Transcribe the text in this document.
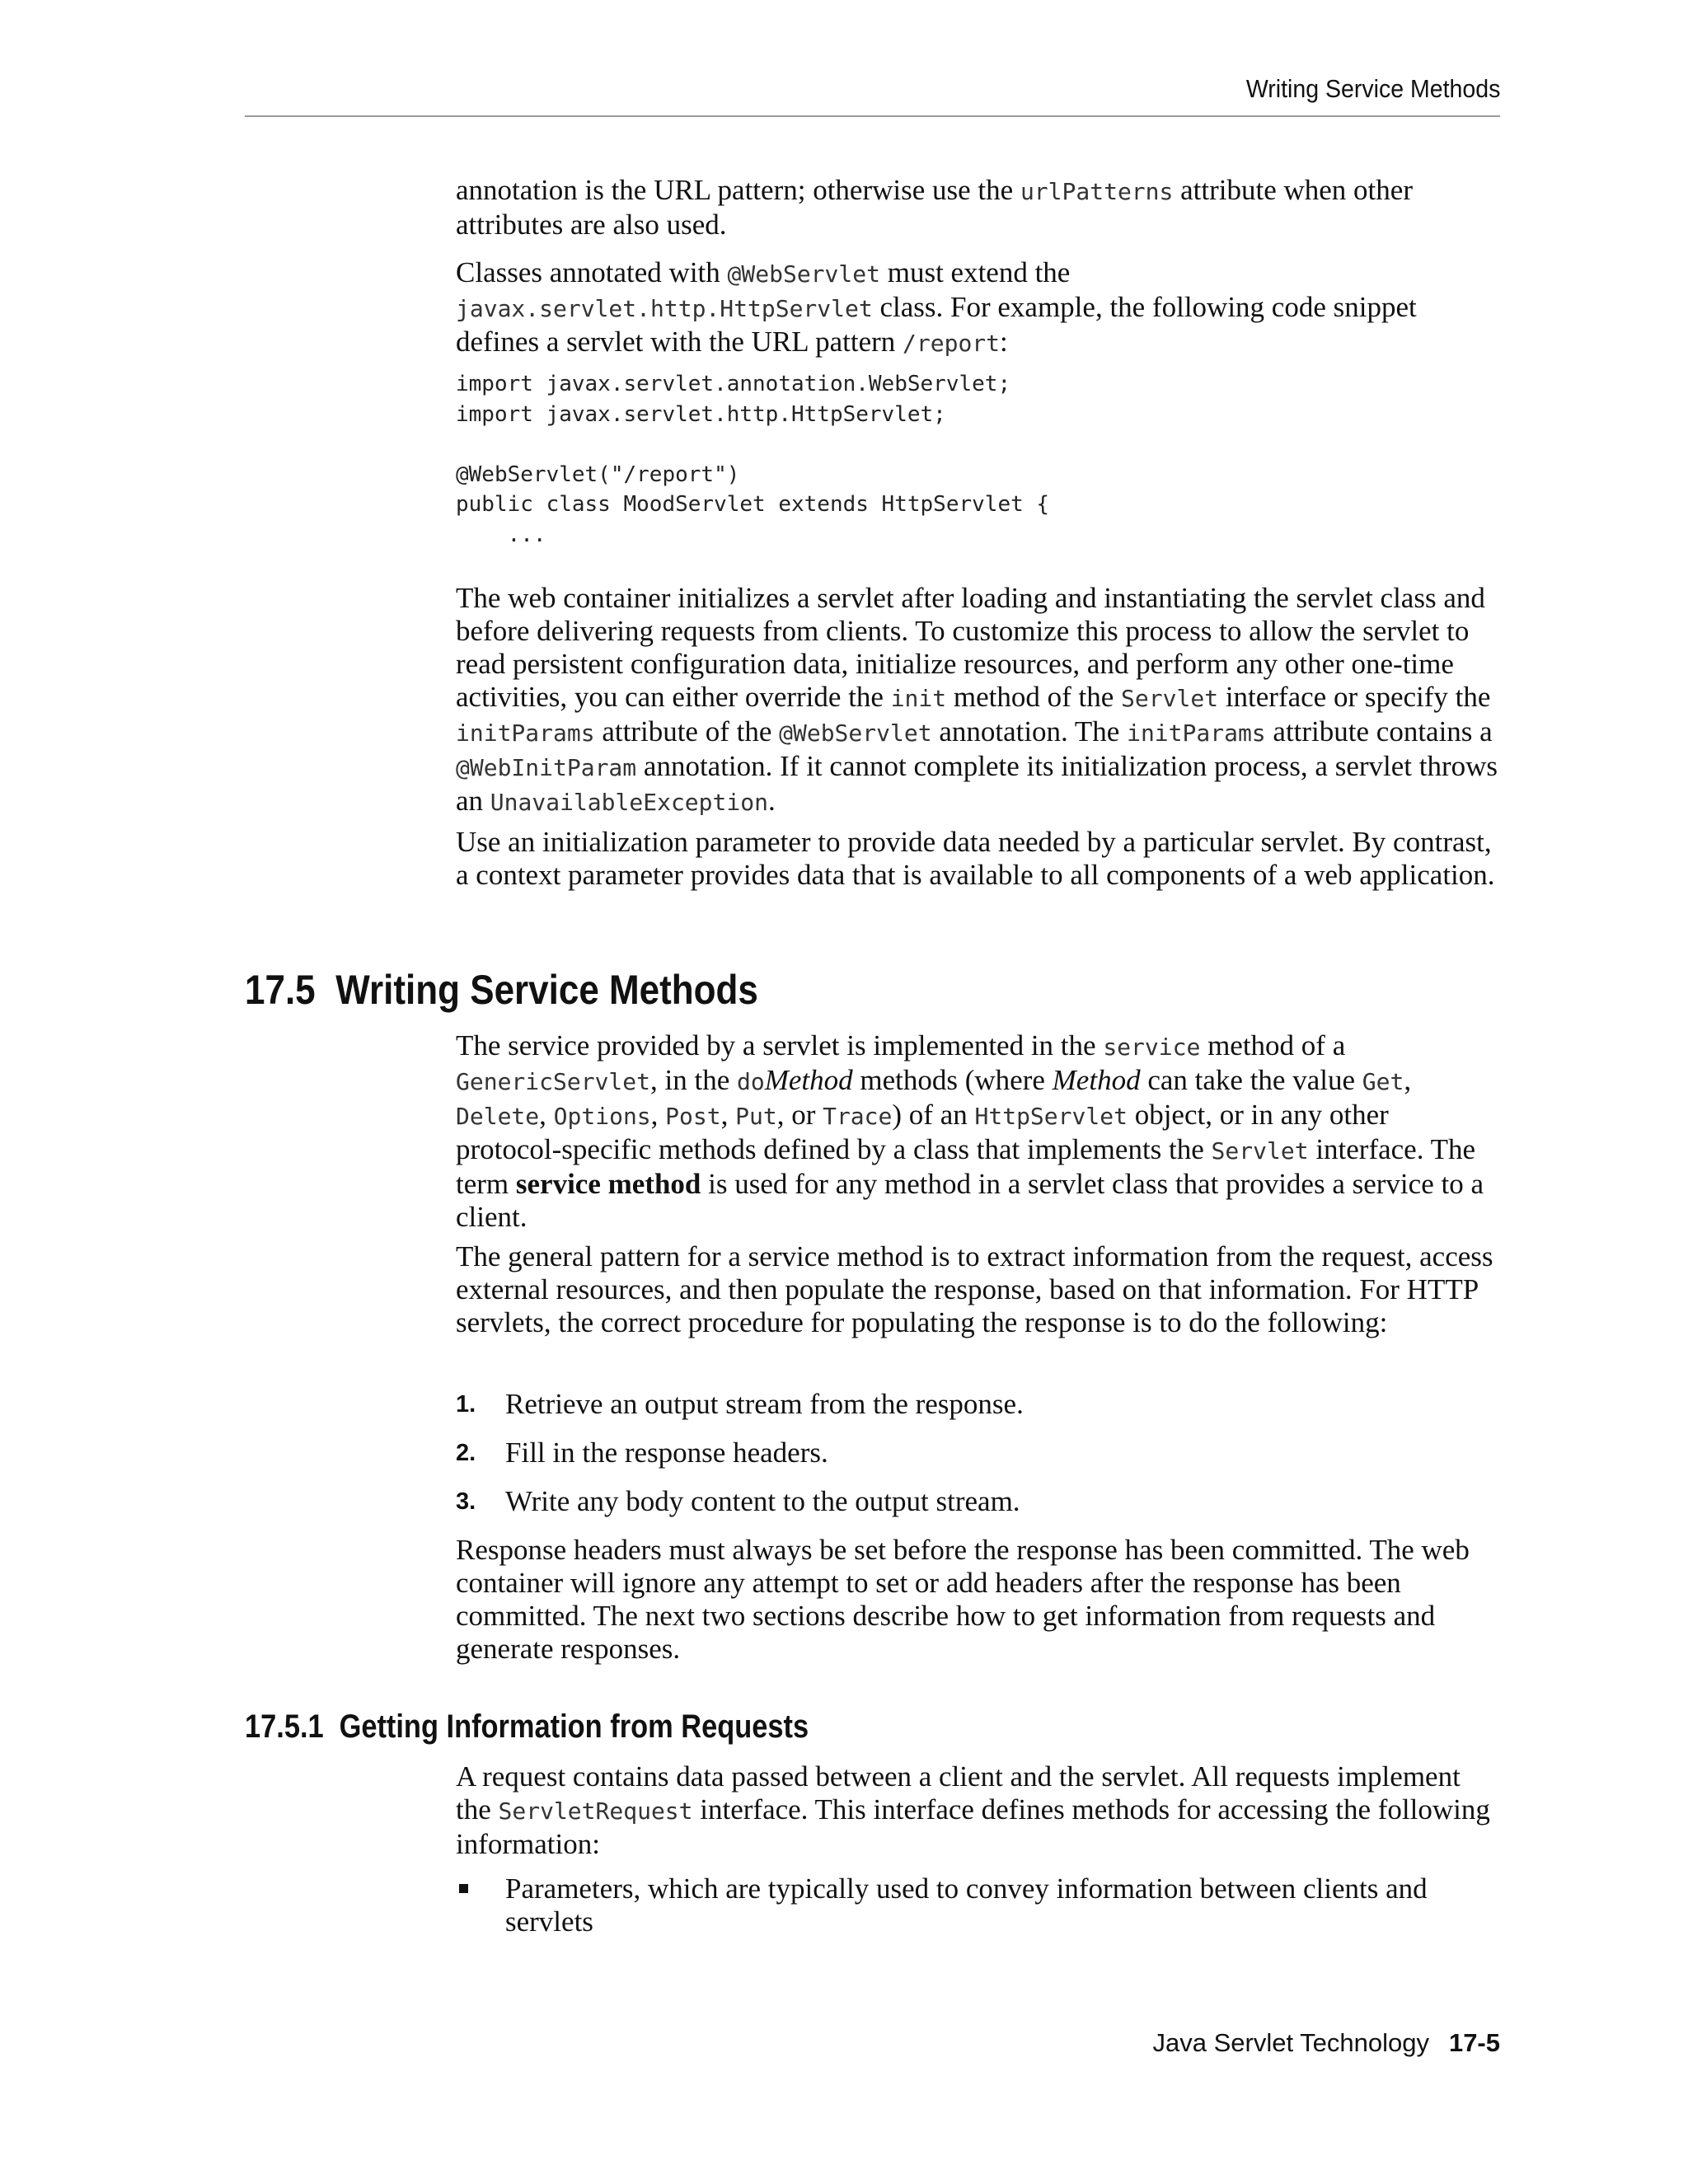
Writing Service Methods

annotation is the URL pattern; otherwise use the urlPatterns attribute when other attributes are also used.

Classes annotated with @WebServlet must extend the
javax.servlet.http.HttpServlet class. For example, the following code snippet defines a servlet with the URL pattern /report:

import javax.servlet.annotation.WebServlet;
import javax.servlet.http.HttpServlet;

@WebServlet("/report")
public class MoodServlet extends HttpServlet {
...

The web container initializes a servlet after loading and instantiating the servlet class and before delivering requests from clients. To customize this process to allow the servlet to read persistent configuration data, initialize resources, and perform any other one-time activities, you can either override the init method of the Servlet interface or specify the initParams attribute of the @WebServlet annotation. The initParams attribute contains a @WebInitParam annotation. If it cannot complete its initialization process, a servlet throws an UnavailableException.

Use an initialization parameter to provide data needed by a particular servlet. By contrast, a context parameter provides data that is available to all components of a web application.

17.5 Writing Service Methods

The service provided by a servlet is implemented in the service method of a GenericServlet, in the doMethod methods (where Method can take the value Get, Delete, Options, Post, Put, or Trace) of an HttpServlet object, or in any other protocol-specific methods defined by a class that implements the Servlet interface. The term service method is used for any method in a servlet class that provides a service to a client.

The general pattern for a service method is to extract information from the request, access external resources, and then populate the response, based on that information. For HTTP servlets, the correct procedure for populating the response is to do the following:

1. Retrieve an output stream from the response.
2. Fill in the response headers.
3. Write any body content to the output stream.

Response headers must always be set before the response has been committed. The web container will ignore any attempt to set or add headers after the response has been committed. The next two sections describe how to get information from requests and generate responses.

17.5.1 Getting Information from Requests

A request contains data passed between a client and the servlet. All requests implement the ServletRequest interface. This interface defines methods for accessing the following information:

Parameters, which are typically used to convey information between clients and servlets
Java Servlet Technology 17-5
